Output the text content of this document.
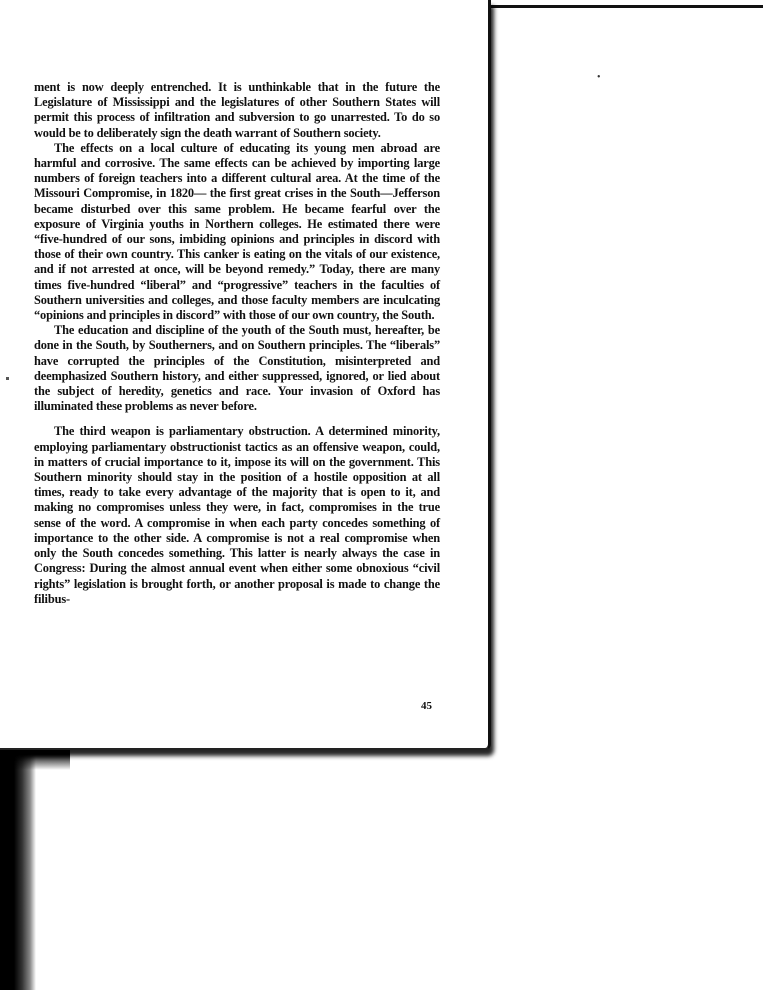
ment is now deeply entrenched. It is unthinkable that in the future the Legislature of Mississippi and the legislatures of other Southern States will permit this process of infiltration and subversion to go unarrested. To do so would be to deliberately sign the death warrant of Southern society.

The effects on a local culture of educating its young men abroad are harmful and corrosive. The same effects can be achieved by importing large numbers of foreign teachers into a different cultural area. At the time of the Missouri Compromise, in 1820— the first great crises in the South—Jefferson became disturbed over this same problem. He became fearful over the exposure of Virginia youths in Northern colleges. He estimated there were “five-hundred of our sons, imbiding opinions and principles in discord with those of their own country. This canker is eating on the vitals of our existence, and if not arrested at once, will be beyond remedy.” Today, there are many times five-hundred “liberal” and “progressive” teachers in the faculties of Southern universities and colleges, and those faculty members are inculcating “opinions and principles in discord” with those of our own country, the South.

The education and discipline of the youth of the South must, hereafter, be done in the South, by Southerners, and on Southern principles. The “liberals” have corrupted the principles of the Constitution, misinterpreted and deemphasized Southern history, and either suppressed, ignored, or lied about the subject of heredity, genetics and race. Your invasion of Oxford has illuminated these problems as never before.

The third weapon is parliamentary obstruction. A determined minority, employing parliamentary obstructionist tactics as an offensive weapon, could, in matters of crucial importance to it, impose its will on the government. This Southern minority should stay in the position of a hostile opposition at all times, ready to take every advantage of the majority that is open to it, and making no compromises unless they were, in fact, compromises in the true sense of the word. A compromise in when each party concedes something of importance to the other side. A compromise is not a real compromise when only the South concedes something. This latter is nearly always the case in Congress: During the almost annual event when either some obnoxious “civil rights” legislation is brought forth, or another proposal is made to change the filibus-

45
•
